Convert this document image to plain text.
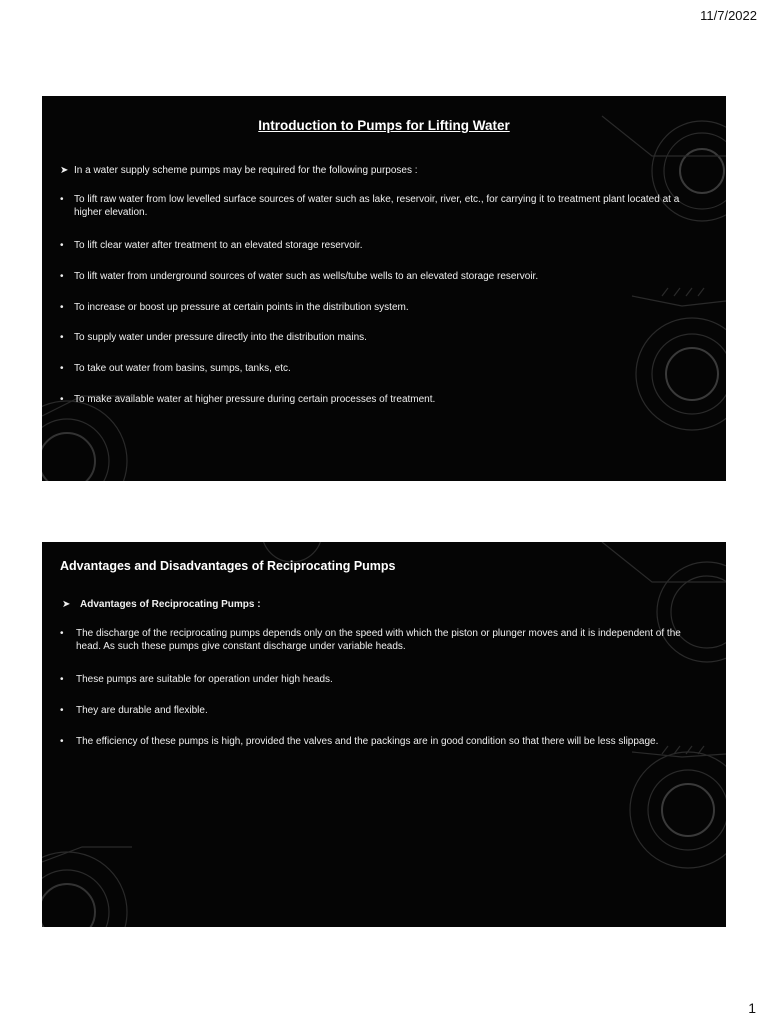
11/7/2022
Introduction to Pumps for Lifting Water
➤ In a water supply scheme pumps may be required for the following purposes :
• To lift raw water from low levelled surface sources of water such as lake, reservoir, river, etc., for carrying it to treatment plant located at a higher elevation.
• To lift clear water after treatment to an elevated storage reservoir.
• To lift water from underground sources of water such as wells/tube wells to an elevated storage reservoir.
• To increase or boost up pressure at certain points in the distribution system.
• To supply water under pressure directly into the distribution mains.
• To take out water from basins, sumps, tanks, etc.
• To make available water at higher pressure during certain processes of treatment.
Advantages and Disadvantages of Reciprocating Pumps
➤ Advantages of Reciprocating Pumps :
• The discharge of the reciprocating pumps depends only on the speed with which the piston or plunger moves and it is independent of the head. As such these pumps give constant discharge under variable heads.
• These pumps are suitable for operation under high heads.
• They are durable and flexible.
• The efficiency of these pumps is high, provided the valves and the packings are in good condition so that there will be less slippage.
1
